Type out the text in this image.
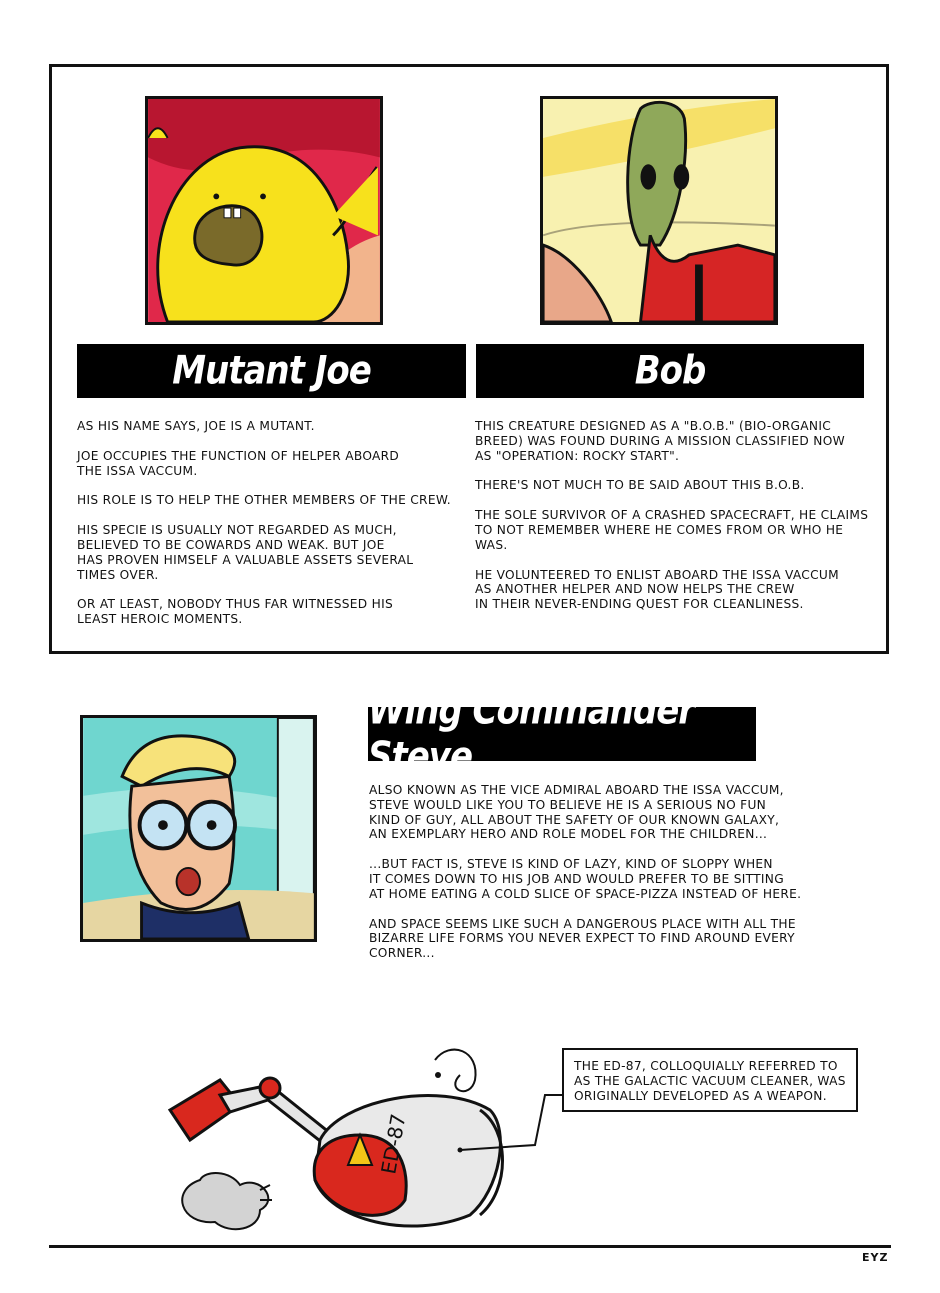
Mutant Joe	Bob

AS HIS NAME SAYS, JOE IS A MUTANT.

JOE OCCUPIES THE FUNCTION OF HELPER ABOARD
THE ISSA VACCUM.

HIS ROLE IS TO HELP THE OTHER MEMBERS OF THE CREW.

HIS SPECIE IS USUALLY NOT REGARDED AS MUCH,
BELIEVED TO BE COWARDS AND WEAK. BUT JOE
HAS PROVEN HIMSELF A VALUABLE ASSETS SEVERAL
TIMES OVER.

OR AT LEAST, NOBODY THUS FAR WITNESSED HIS
LEAST HEROIC MOMENTS.

THIS CREATURE DESIGNED AS A "B.O.B." (BIO-ORGANIC
BREED) WAS FOUND DURING A MISSION CLASSIFIED NOW
AS "OPERATION: ROCKY START".

THERE'S NOT MUCH TO BE SAID ABOUT THIS B.O.B.

THE SOLE SURVIVOR OF A CRASHED SPACECRAFT, HE CLAIMS
TO NOT REMEMBER WHERE HE COMES FROM OR WHO HE
WAS.

HE VOLUNTEERED TO ENLIST ABOARD THE ISSA VACCUM
AS ANOTHER HELPER AND NOW HELPS THE CREW
IN THEIR NEVER-ENDING QUEST FOR CLEANLINESS.

Wing Commander Steve

ALSO KNOWN AS THE VICE ADMIRAL ABOARD THE ISSA VACCUM,
STEVE WOULD LIKE YOU TO BELIEVE HE IS A SERIOUS NO FUN
KIND OF GUY, ALL ABOUT THE SAFETY OF OUR KNOWN GALAXY,
AN EXEMPLARY HERO AND ROLE MODEL FOR THE CHILDREN...

...BUT FACT IS, STEVE IS KIND OF LAZY, KIND OF SLOPPY WHEN
IT COMES DOWN TO HIS JOB AND WOULD PREFER TO BE SITTING
AT HOME EATING A COLD SLICE OF SPACE-PIZZA INSTEAD OF HERE.

AND SPACE SEEMS LIKE SUCH A DANGEROUS PLACE WITH ALL THE
BIZARRE LIFE FORMS YOU NEVER EXPECT TO FIND AROUND EVERY
CORNER...

ED-87
THE ED-87, COLLOQUIALLY REFERRED TO
AS THE GALACTIC VACUUM CLEANER, WAS
ORIGINALLY DEVELOPED AS A WEAPON.
EYZ
